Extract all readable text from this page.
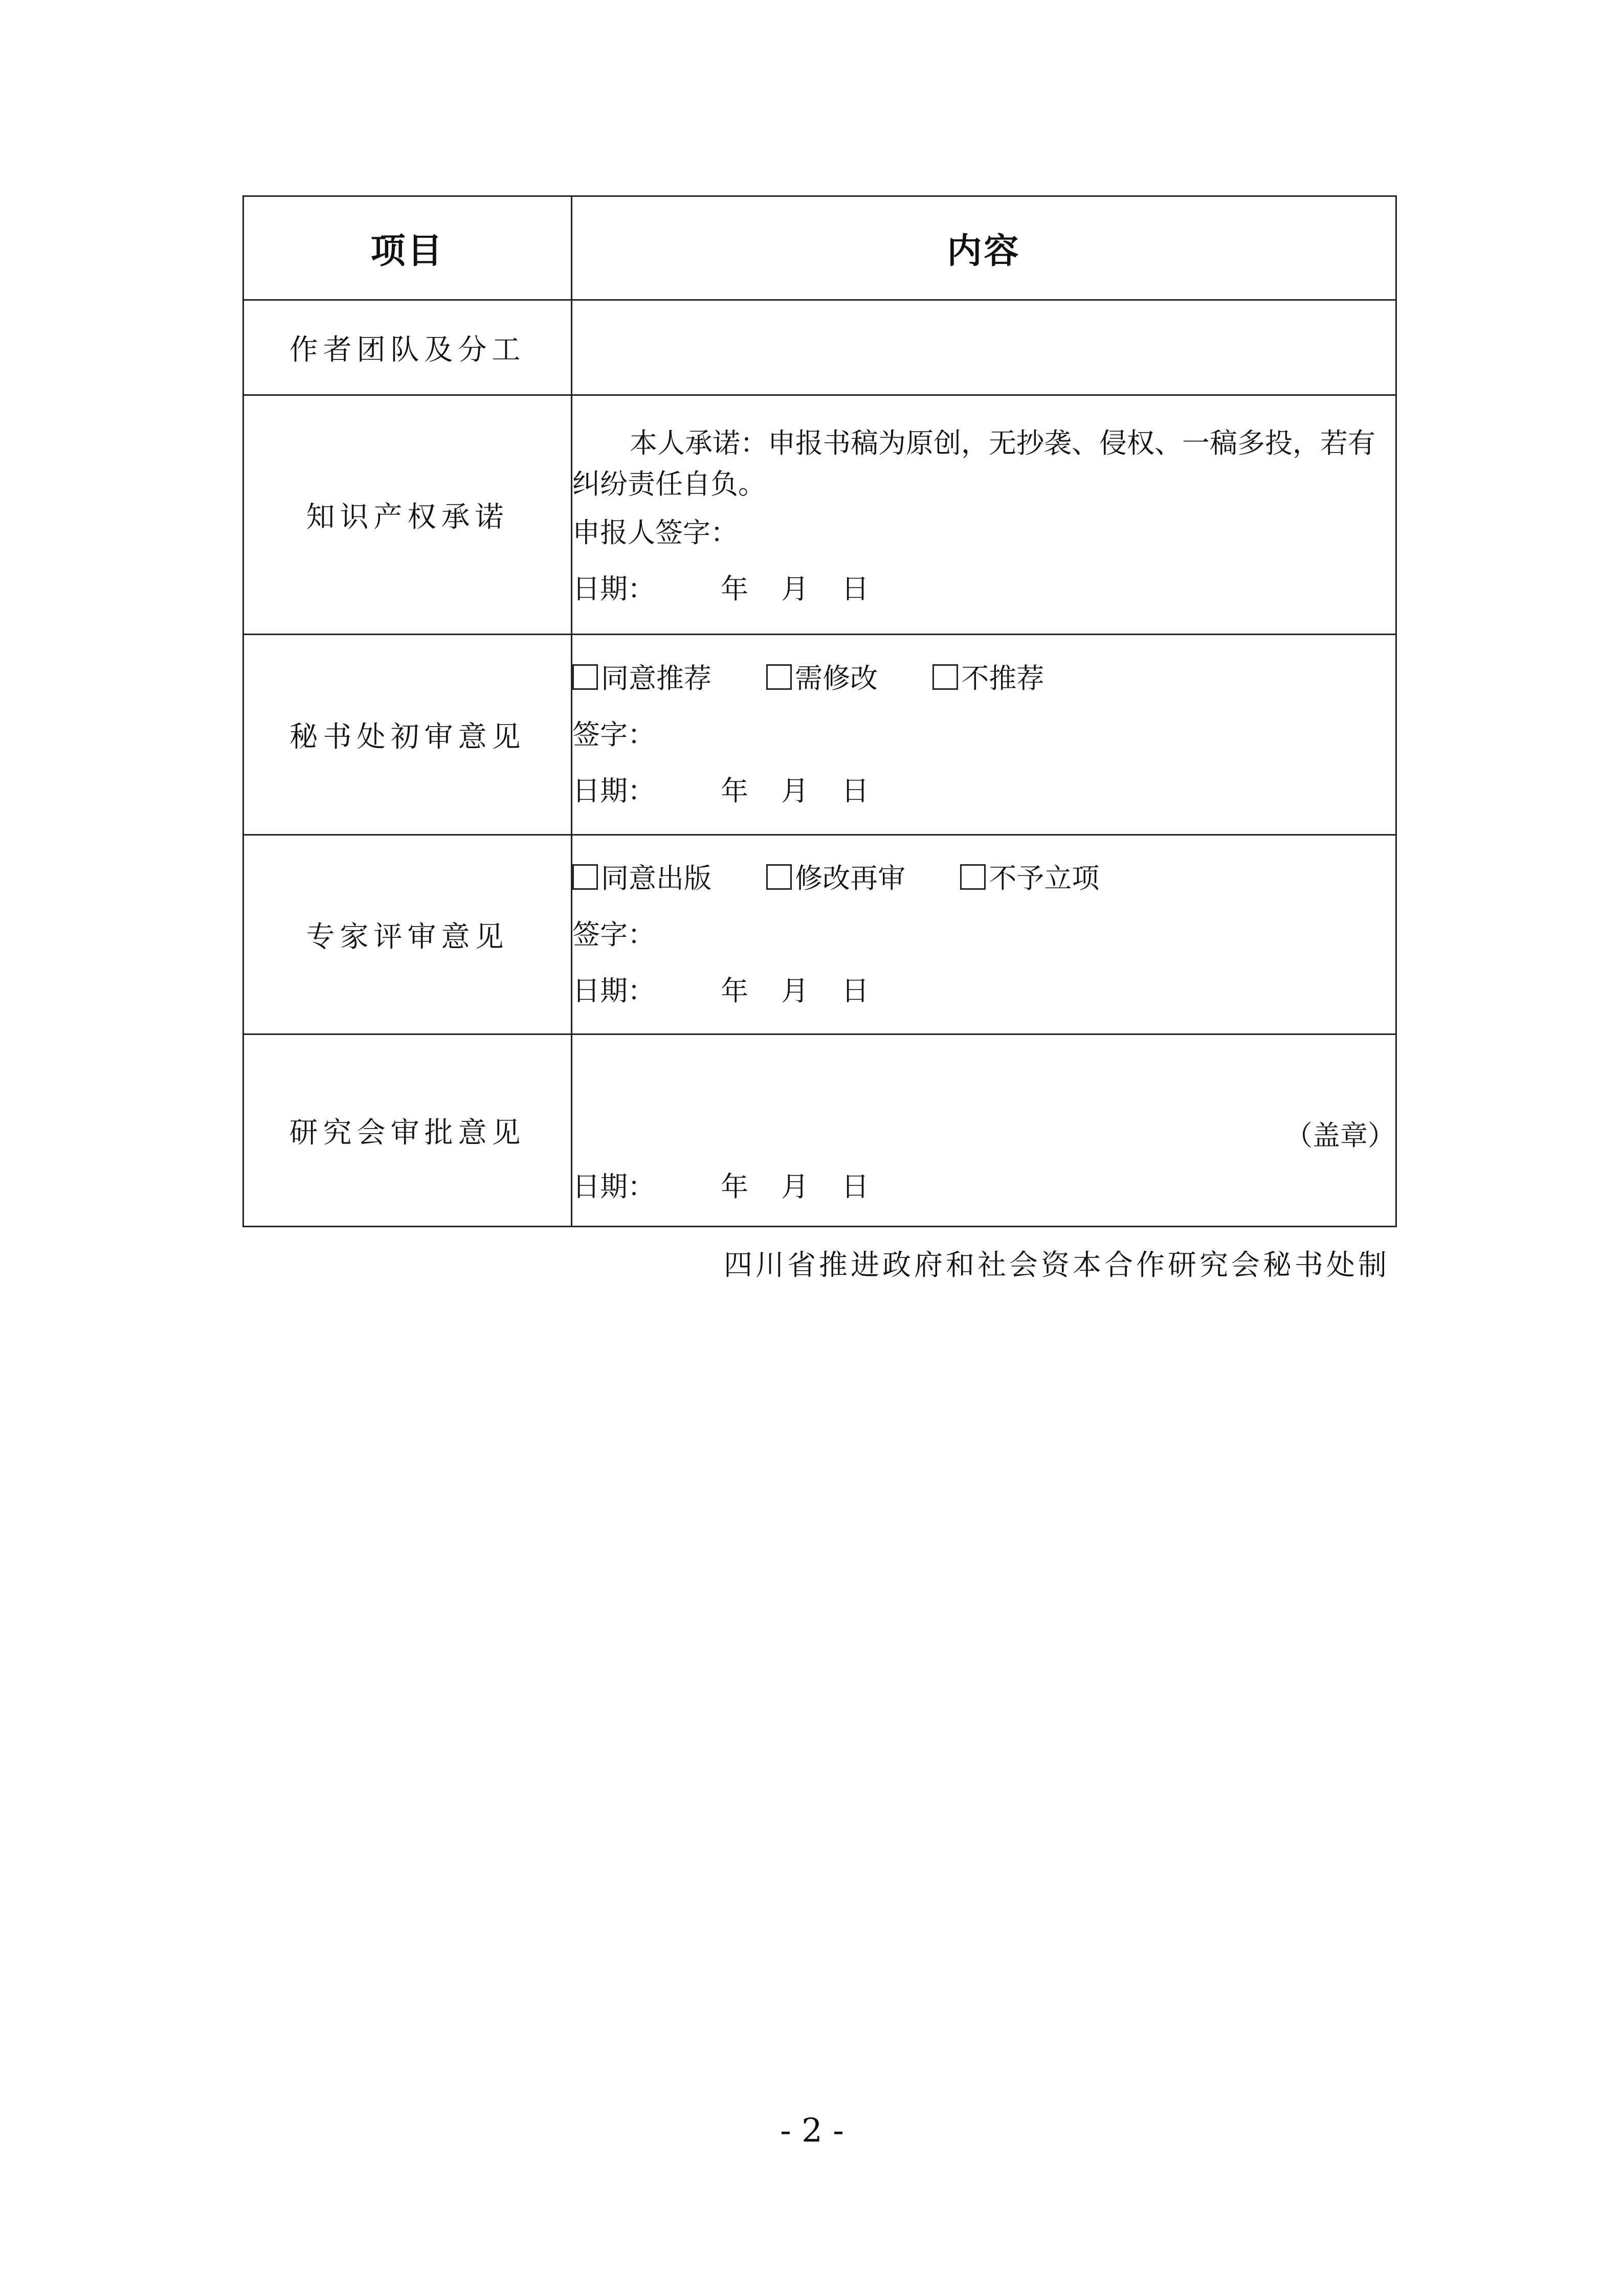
项目	内容
作者团队及分工	
知识产权承诺	本人承诺：申报书稿为原创，无抄袭、侵权、一稿多投，若有纠纷责任自负。
申报人签字：
日期： 年 月 日

秘书处初审意见	同意推荐 需修改 不推荐
签字：
日期： 年 月 日

专家评审意见	同意出版 修改再审 不予立项
签字：
日期： 年 月 日

研究会审批意见	（盖章）
日期： 年 月 日
四川省推进政府和社会资本合作研究会秘书处制
- 2 -
